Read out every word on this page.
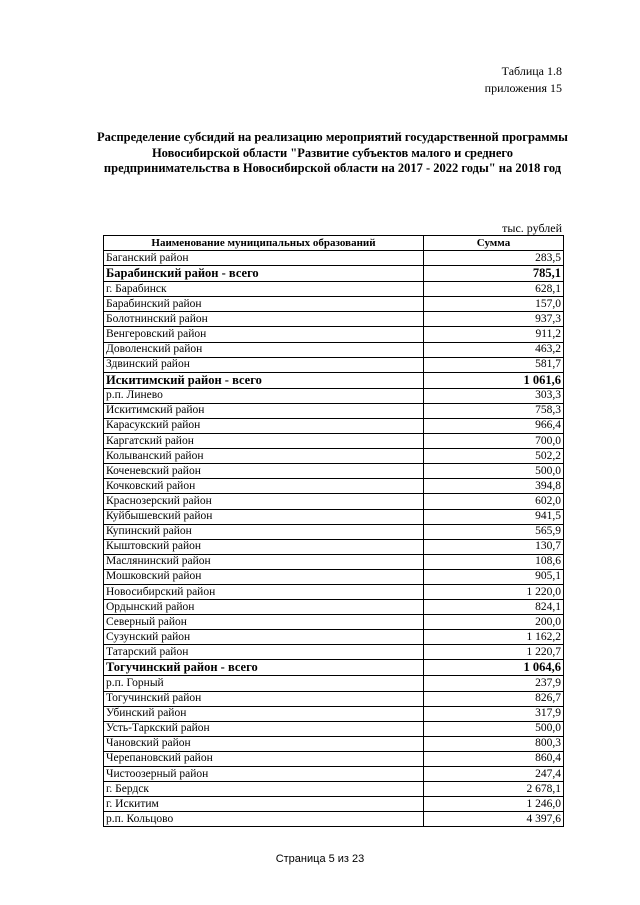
Таблица 1.8
приложения 15
Распределение субсидий на реализацию мероприятий государственной программы Новосибирской области "Развитие субъектов малого и среднего предпринимательства в Новосибирской области на 2017 - 2022 годы" на 2018 год
тыс. рублей
Наименование муниципальных образований	Сумма
Баганский район	283,5
Барабинский район - всего	785,1
г. Барабинск	628,1
Барабинский район	157,0
Болотнинский район	937,3
Венгеровский район	911,2
Доволенский район	463,2
Здвинский район	581,7
Искитимский район - всего	1 061,6
р.п. Линево	303,3
Искитимский район	758,3
Карасукский район	966,4
Каргатский район	700,0
Колыванский район	502,2
Коченевский район	500,0
Кочковский район	394,8
Краснозерский район	602,0
Куйбышевский район	941,5
Купинский район	565,9
Кыштовский район	130,7
Маслянинский район	108,6
Мошковский район	905,1
Новосибирский район	1 220,0
Ордынский район	824,1
Северный район	200,0
Сузунский район	1 162,2
Татарский район	1 220,7
Тогучинский район - всего	1 064,6
р.п. Горный	237,9
Тогучинский район	826,7
Убинский район	317,9
Усть-Таркский район	500,0
Чановский район	800,3
Черепановский район	860,4
Чистоозерный район	247,4
г. Бердск	2 678,1
г. Искитим	1 246,0
р.п. Кольцово	4 397,6
Страница 5 из 23
